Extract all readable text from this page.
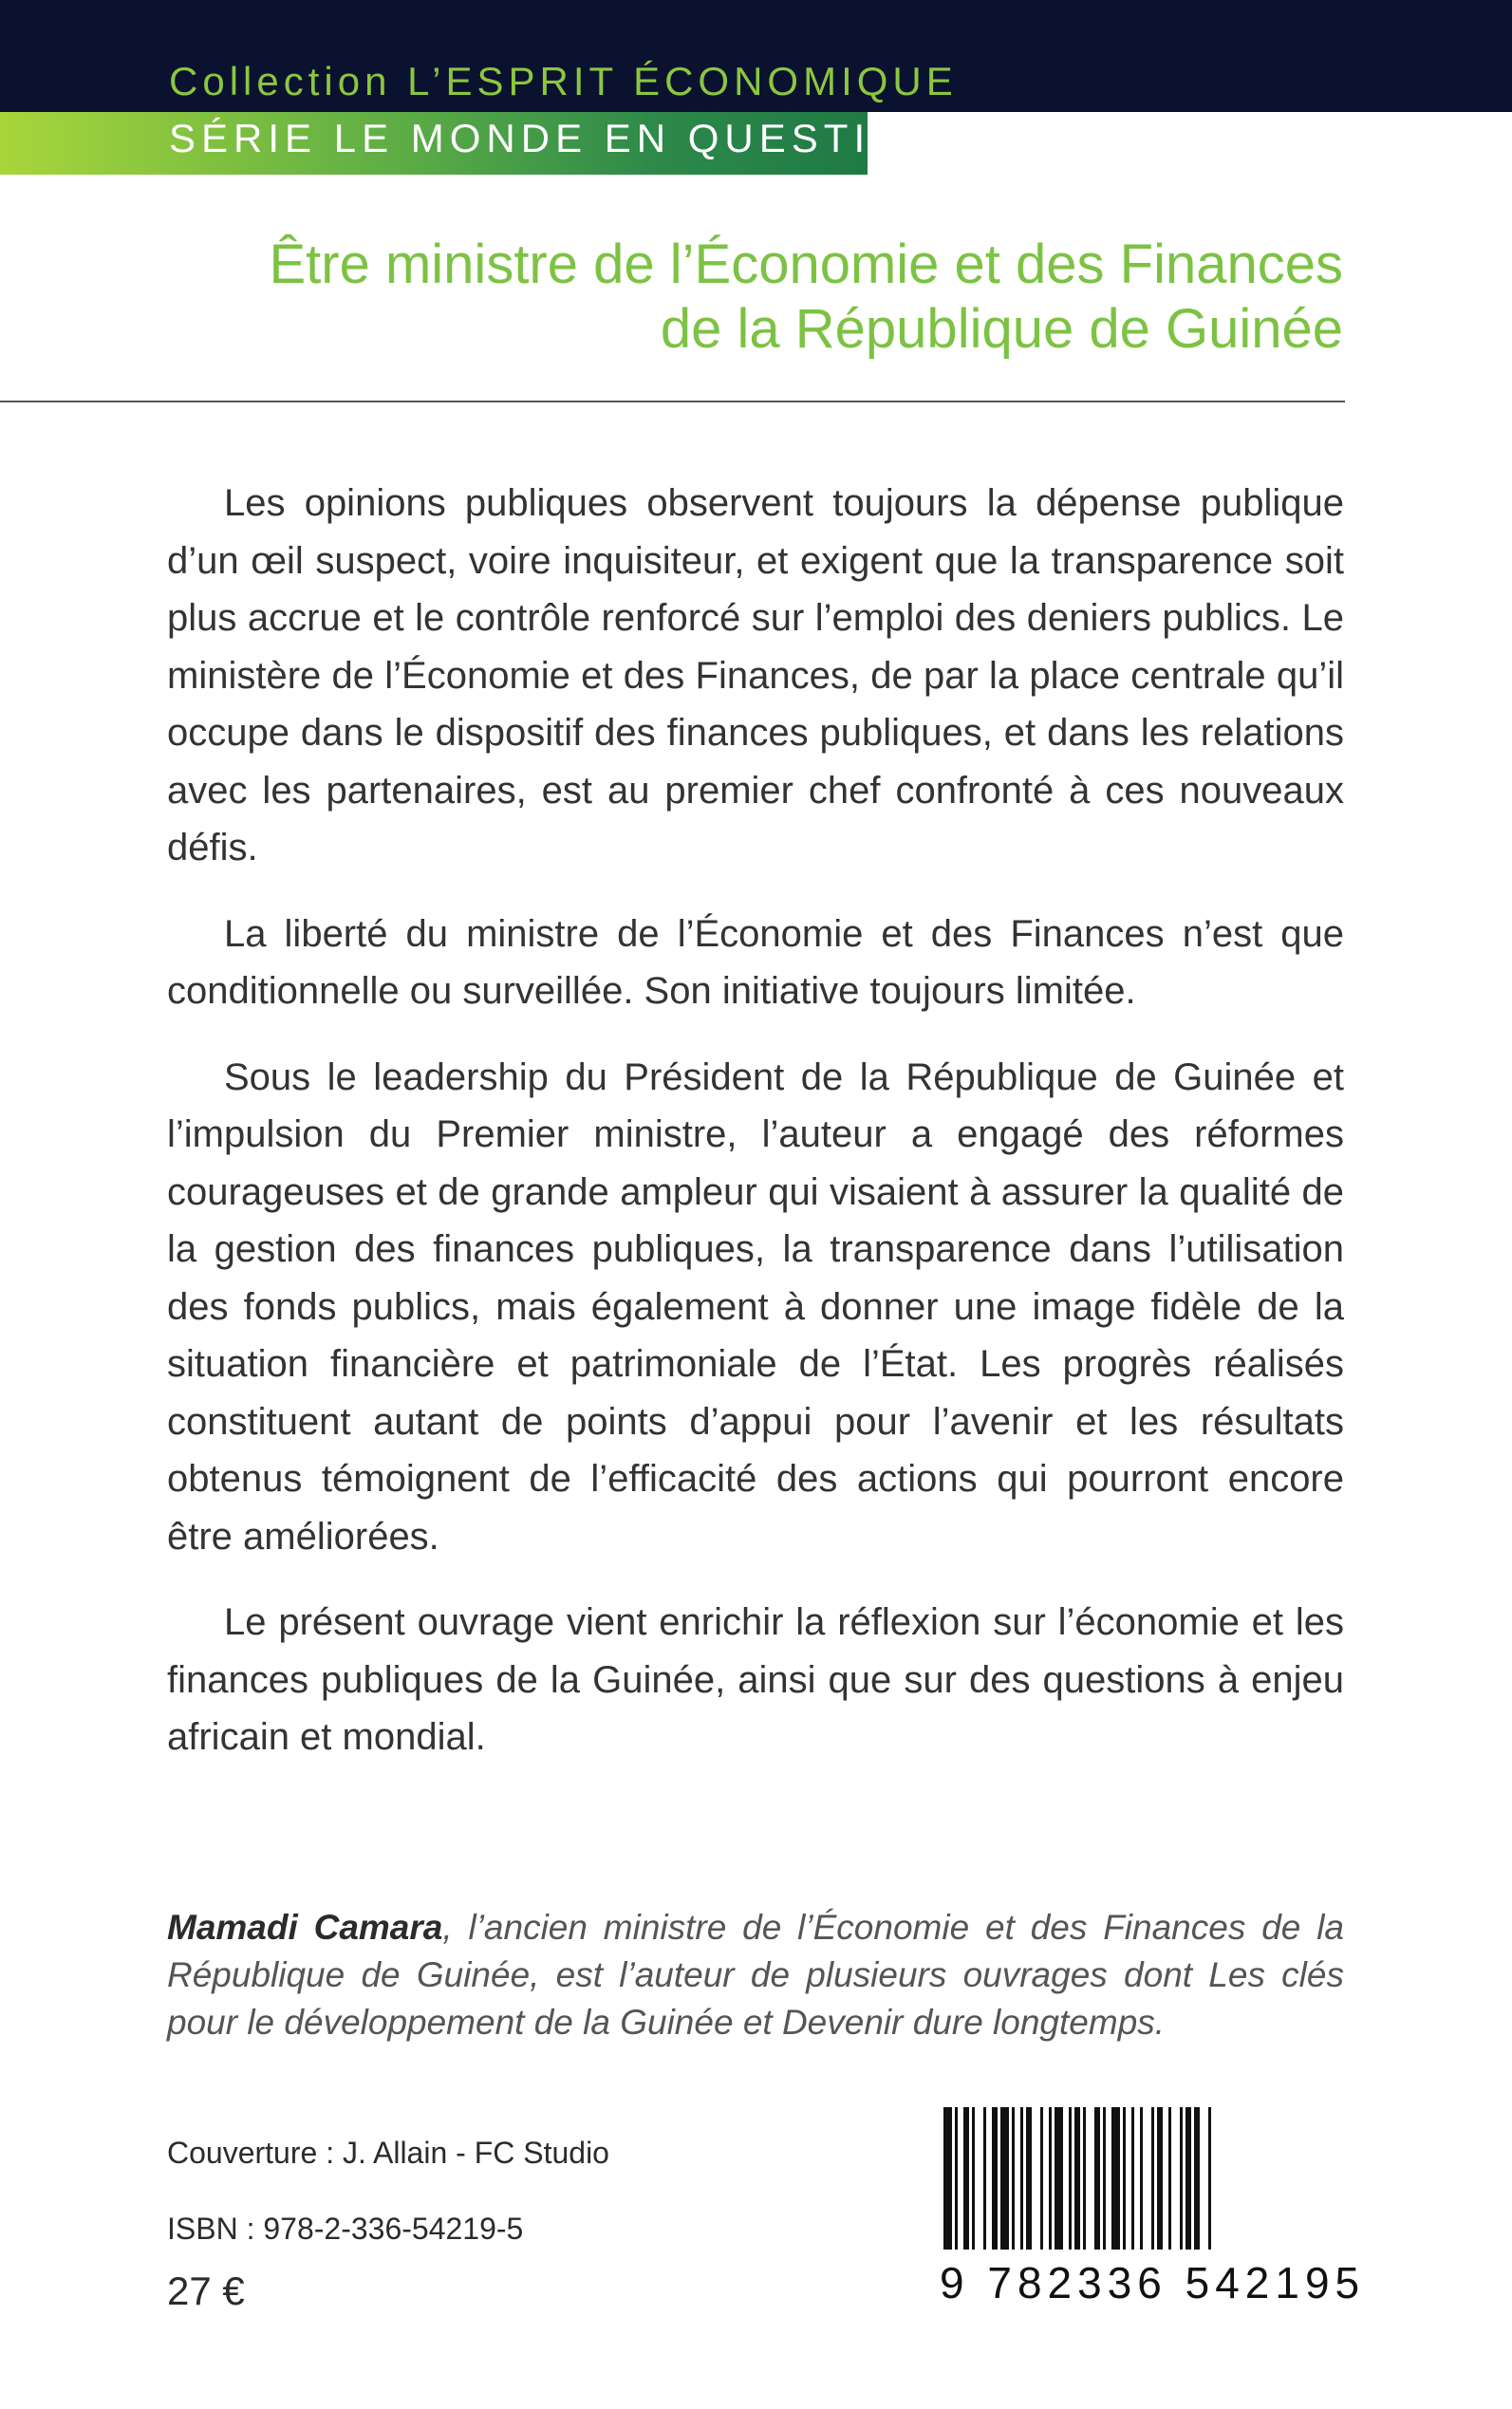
Collection L’ESPRIT ÉCONOMIQUE
SÉRIE LE MONDE EN QUESTION
Être ministre de l’Économie et des Finances
de la République de Guinée

Les opinions publiques observent toujours la dépense publique d’un œil suspect, voire inquisiteur, et exigent que la transparence soit plus accrue et le contrôle renforcé sur l’emploi des deniers publics. Le ministère de l’Économie et des Finances, de par la place centrale qu’il occupe dans le dispositif des finances publiques, et dans les relations avec les partenaires, est au premier chef confronté à ces nouveaux défis.

La liberté du ministre de l’Économie et des Finances n’est que conditionnelle ou surveillée. Son initiative toujours limitée.

Sous le leadership du Président de la République de Guinée et l’impulsion du Premier ministre, l’auteur a engagé des réformes courageuses et de grande ampleur qui visaient à assurer la qualité de la gestion des finances publiques, la transparence dans l’utilisation des fonds publics, mais également à donner une image fidèle de la situation financière et patrimoniale de l’État. Les progrès réalisés constituent autant de points d’appui pour l’avenir et les résultats obtenus témoignent de l’efficacité des actions qui pourront encore être améliorées.

Le présent ouvrage vient enrichir la réflexion sur l’économie et les finances publiques de la Guinée, ainsi que sur des questions à enjeu africain et mondial.

Mamadi Camara, l’ancien ministre de l’Économie et des Finances de la République de Guinée, est l’auteur de plusieurs ouvrages dont Les clés pour le développement de la Guinée et Devenir dure longtemps.

Couverture : J. Allain - FC Studio
ISBN : 978-2-336-54219-5
27 €	9 782336 542195
